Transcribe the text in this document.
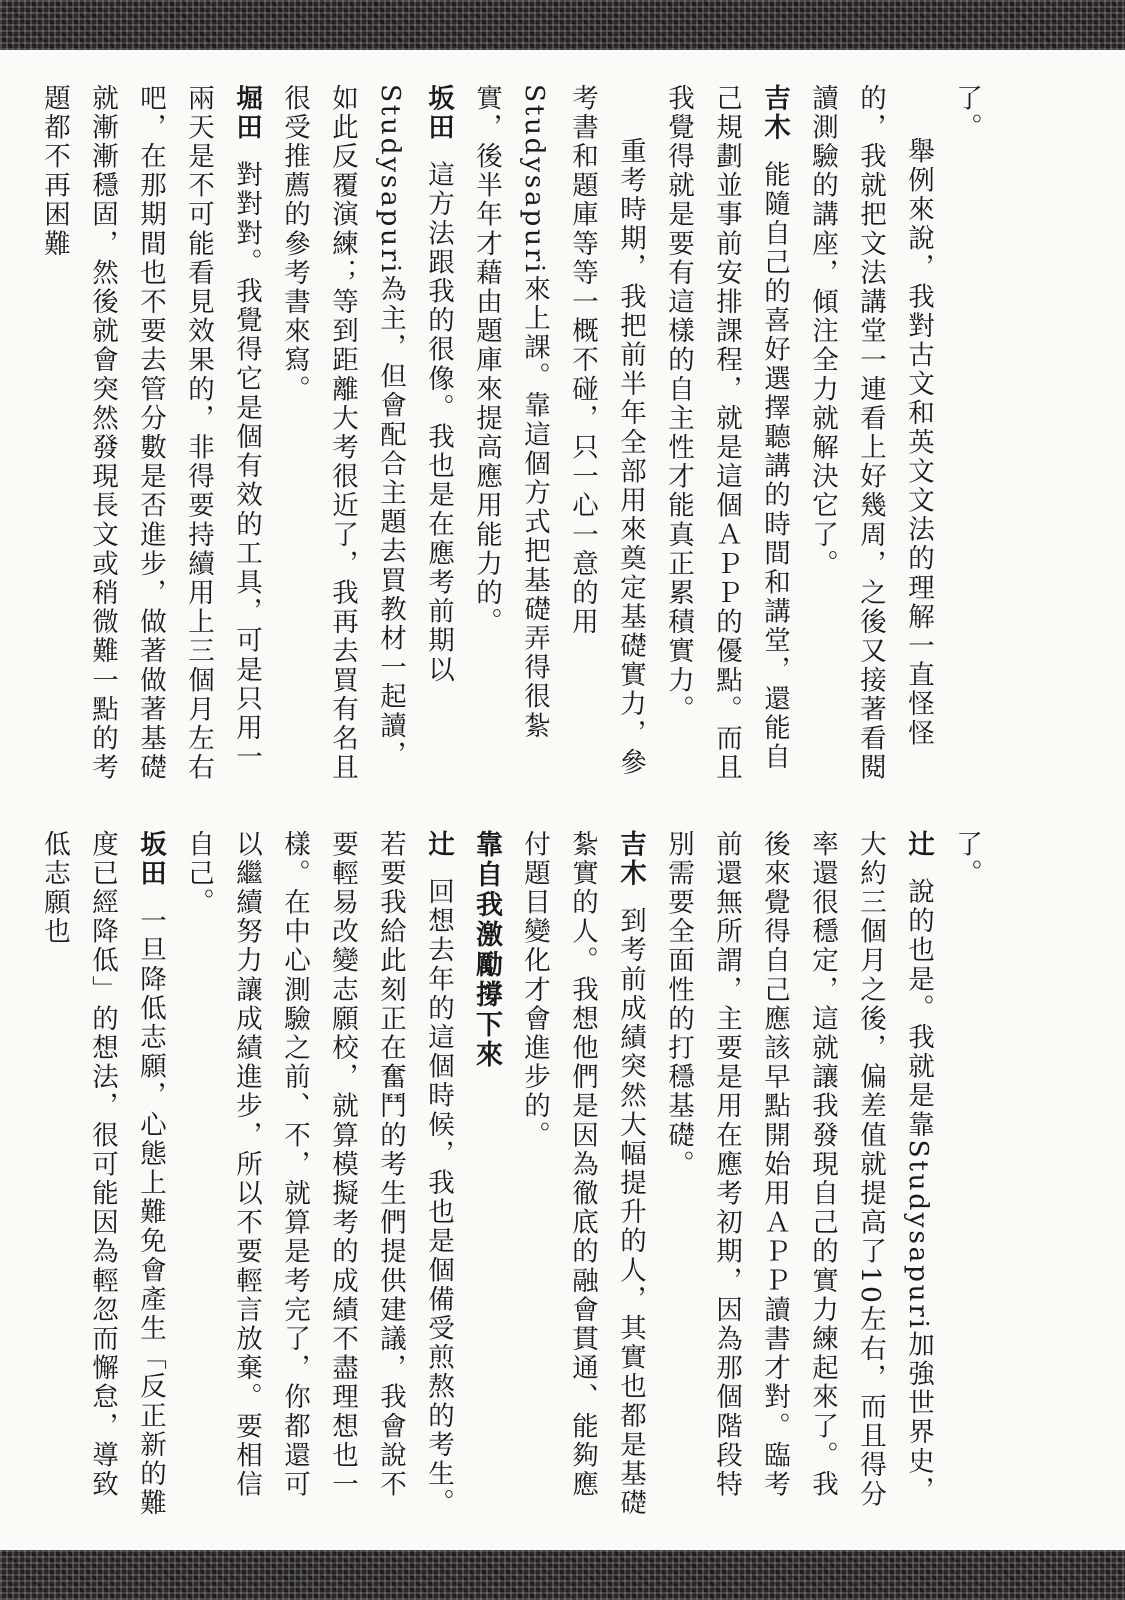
了。

舉例來說，我對古文和英文文法的理解一直怪怪的，我就把文法講堂一連看上好幾周，之後又接著看閱讀測驗的講座，傾注全力就解決它了。

吉木能隨自己的喜好選擇聽講的時間和講堂，還能自己規劃並事前安排課程，就是這個ＡＰＰ的優點。而且我覺得就是要有這樣的自主性才能真正累積實力。

重考時期，我把前半年全部用來奠定基礎實力，參考書和題庫等等一概不碰，只一心一意的用Studysapuri來上課。靠這個方式把基礎弄得很紮實，後半年才藉由題庫來提高應用能力的。

坂田這方法跟我的很像。我也是在應考前期以Studysapuri為主，但會配合主題去買教材一起讀，如此反覆演練；等到距離大考很近了，我再去買有名且很受推薦的參考書來寫。

堀田對對對。我覺得它是個有效的工具，可是只用一兩天是不可能看見效果的，非得要持續用上三個月左右吧，在那期間也不要去管分數是否進步，做著做著基礎就漸漸穩固，然後就會突然發現長文或稍微難一點的考題都不再困難

了。

辻說的也是。我就是靠Studysapuri加強世界史，大約三個月之後，偏差值就提高了10左右，而且得分率還很穩定，這就讓我發現自己的實力練起來了。我後來覺得自己應該早點開始用ＡＰＰ讀書才對。臨考前還無所謂，主要是用在應考初期，因為那個階段特別需要全面性的打穩基礎。

吉木到考前成績突然大幅提升的人，其實也都是基礎紮實的人。我想他們是因為徹底的融會貫通、能夠應付題目變化才會進步的。

靠自我激勵撐下來

辻回想去年的這個時候，我也是個備受煎熬的考生。若要我給此刻正在奮鬥的考生們提供建議，我會說不要輕易改變志願校，就算模擬考的成績不盡理想也一樣。在中心測驗之前、不，就算是考完了，你都還可以繼續努力讓成績進步，所以不要輕言放棄。要相信自己。

坂田一旦降低志願，心態上難免會產生「反正新的難度已經降低」的想法，很可能因為輕忽而懈怠，導致低志願也
